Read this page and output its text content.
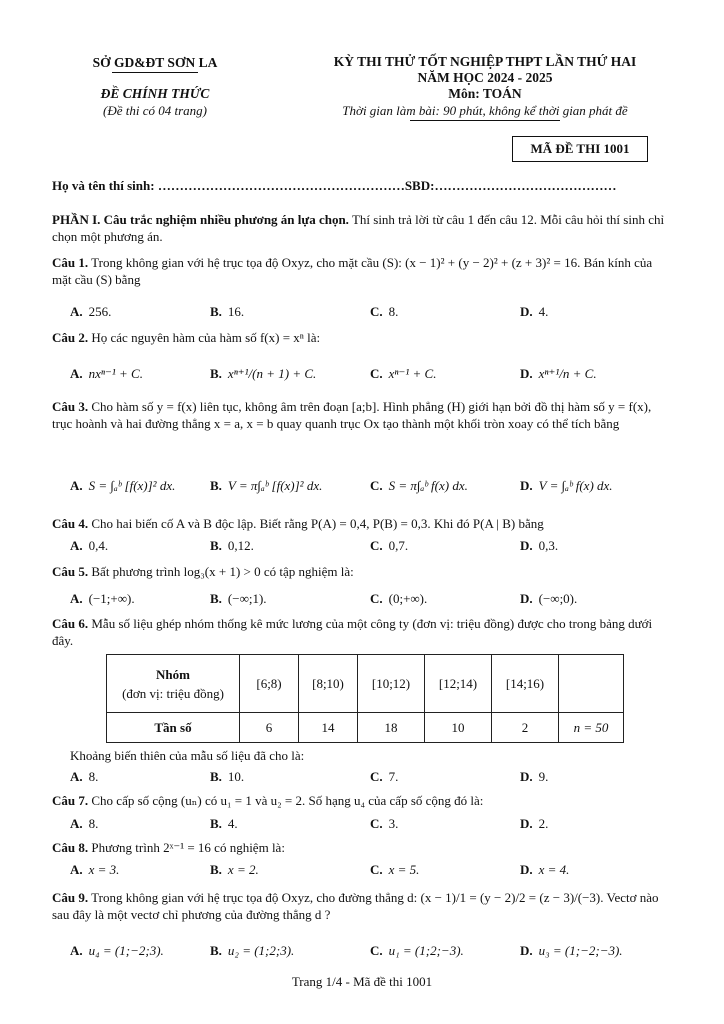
SỞ GD&ĐT SƠN LA
ĐỀ CHÍNH THỨC
(Đề thi có 04 trang)
KỲ THI THỬ TỐT NGHIỆP THPT LẦN THỨ HAI
NĂM HỌC 2024 - 2025
Môn: TOÁN
Thời gian làm bài: 90 phút, không kể thời gian phát đề
MÃ ĐỀ THI 1001
Họ và tên thí sinh: …………………………………………………SBD:……………………………………
PHẦN I. Câu trắc nghiệm nhiều phương án lựa chọn. Thí sinh trả lời từ câu 1 đến câu 12. Mỗi câu hỏi thí sinh chỉ chọn một phương án.
Câu 1. Trong không gian với hệ trục tọa độ Oxyz, cho mặt cầu (S): (x − 1)² + (y − 2)² + (z + 3)² = 16. Bán kính của mặt cầu (S) bằng
A. 256.	B. 16.	C. 8.	D. 4.
Câu 2. Họ các nguyên hàm của hàm số f(x) = xⁿ là:
A. nxⁿ⁻¹ + C.	B. xⁿ⁺¹/(n + 1) + C.	C. xⁿ⁻¹ + C.	D. xⁿ⁺¹/n + C.
Câu 3. Cho hàm số y = f(x) liên tục, không âm trên đoạn [a;b]. Hình phẳng (H) giới hạn bởi đồ thị hàm số y = f(x), trục hoành và hai đường thẳng x = a, x = b quay quanh trục Ox tạo thành một khối tròn xoay có thể tích bằng
A. S = ∫ₐᵇ [f(x)]² dx.	B. V = π∫ₐᵇ [f(x)]² dx.	C. S = π∫ₐᵇ f(x) dx.	D. V = ∫ₐᵇ f(x) dx.
Câu 4. Cho hai biến cố A và B độc lập. Biết rằng P(A) = 0,4, P(B) = 0,3. Khi đó P(A | B) bằng
A. 0,4.	B. 0,12.	C. 0,7.	D. 0,3.
Câu 5. Bất phương trình log₃(x + 1) > 0 có tập nghiệm là:
A. (−1;+∞).	B. (−∞;1).	C. (0;+∞).	D. (−∞;0).
Câu 6. Mẫu số liệu ghép nhóm thống kê mức lương của một công ty (đơn vị: triệu đồng) được cho trong bảng dưới đây.
Nhóm
(đơn vị: triệu đồng)	[6;8)	[8;10)	[10;12)	[12;14)	[14;16)	
Tần số	6	14	18	10	2	n = 50
Khoảng biến thiên của mẫu số liệu đã cho là:
A. 8.	B. 10.	C. 7.	D. 9.
Câu 7. Cho cấp số cộng (uₙ) có u₁ = 1 và u₂ = 2. Số hạng u₄ của cấp số cộng đó là:
A. 8.	B. 4.	C. 3.	D. 2.
Câu 8. Phương trình 2ˣ⁻¹ = 16 có nghiệm là:
A. x = 3.	B. x = 2.	C. x = 5.	D. x = 4.
Câu 9. Trong không gian với hệ trục tọa độ Oxyz, cho đường thẳng d: (x − 1)/1 = (y − 2)/2 = (z − 3)/(−3). Vectơ nào sau đây là một vectơ chỉ phương của đường thẳng d ?
A. u₄ = (1;−2;3).	B. u₂ = (1;2;3).	C. u₁ = (1;2;−3).	D. u₃ = (1;−2;−3).
Trang 1/4 - Mã đề thi 1001
